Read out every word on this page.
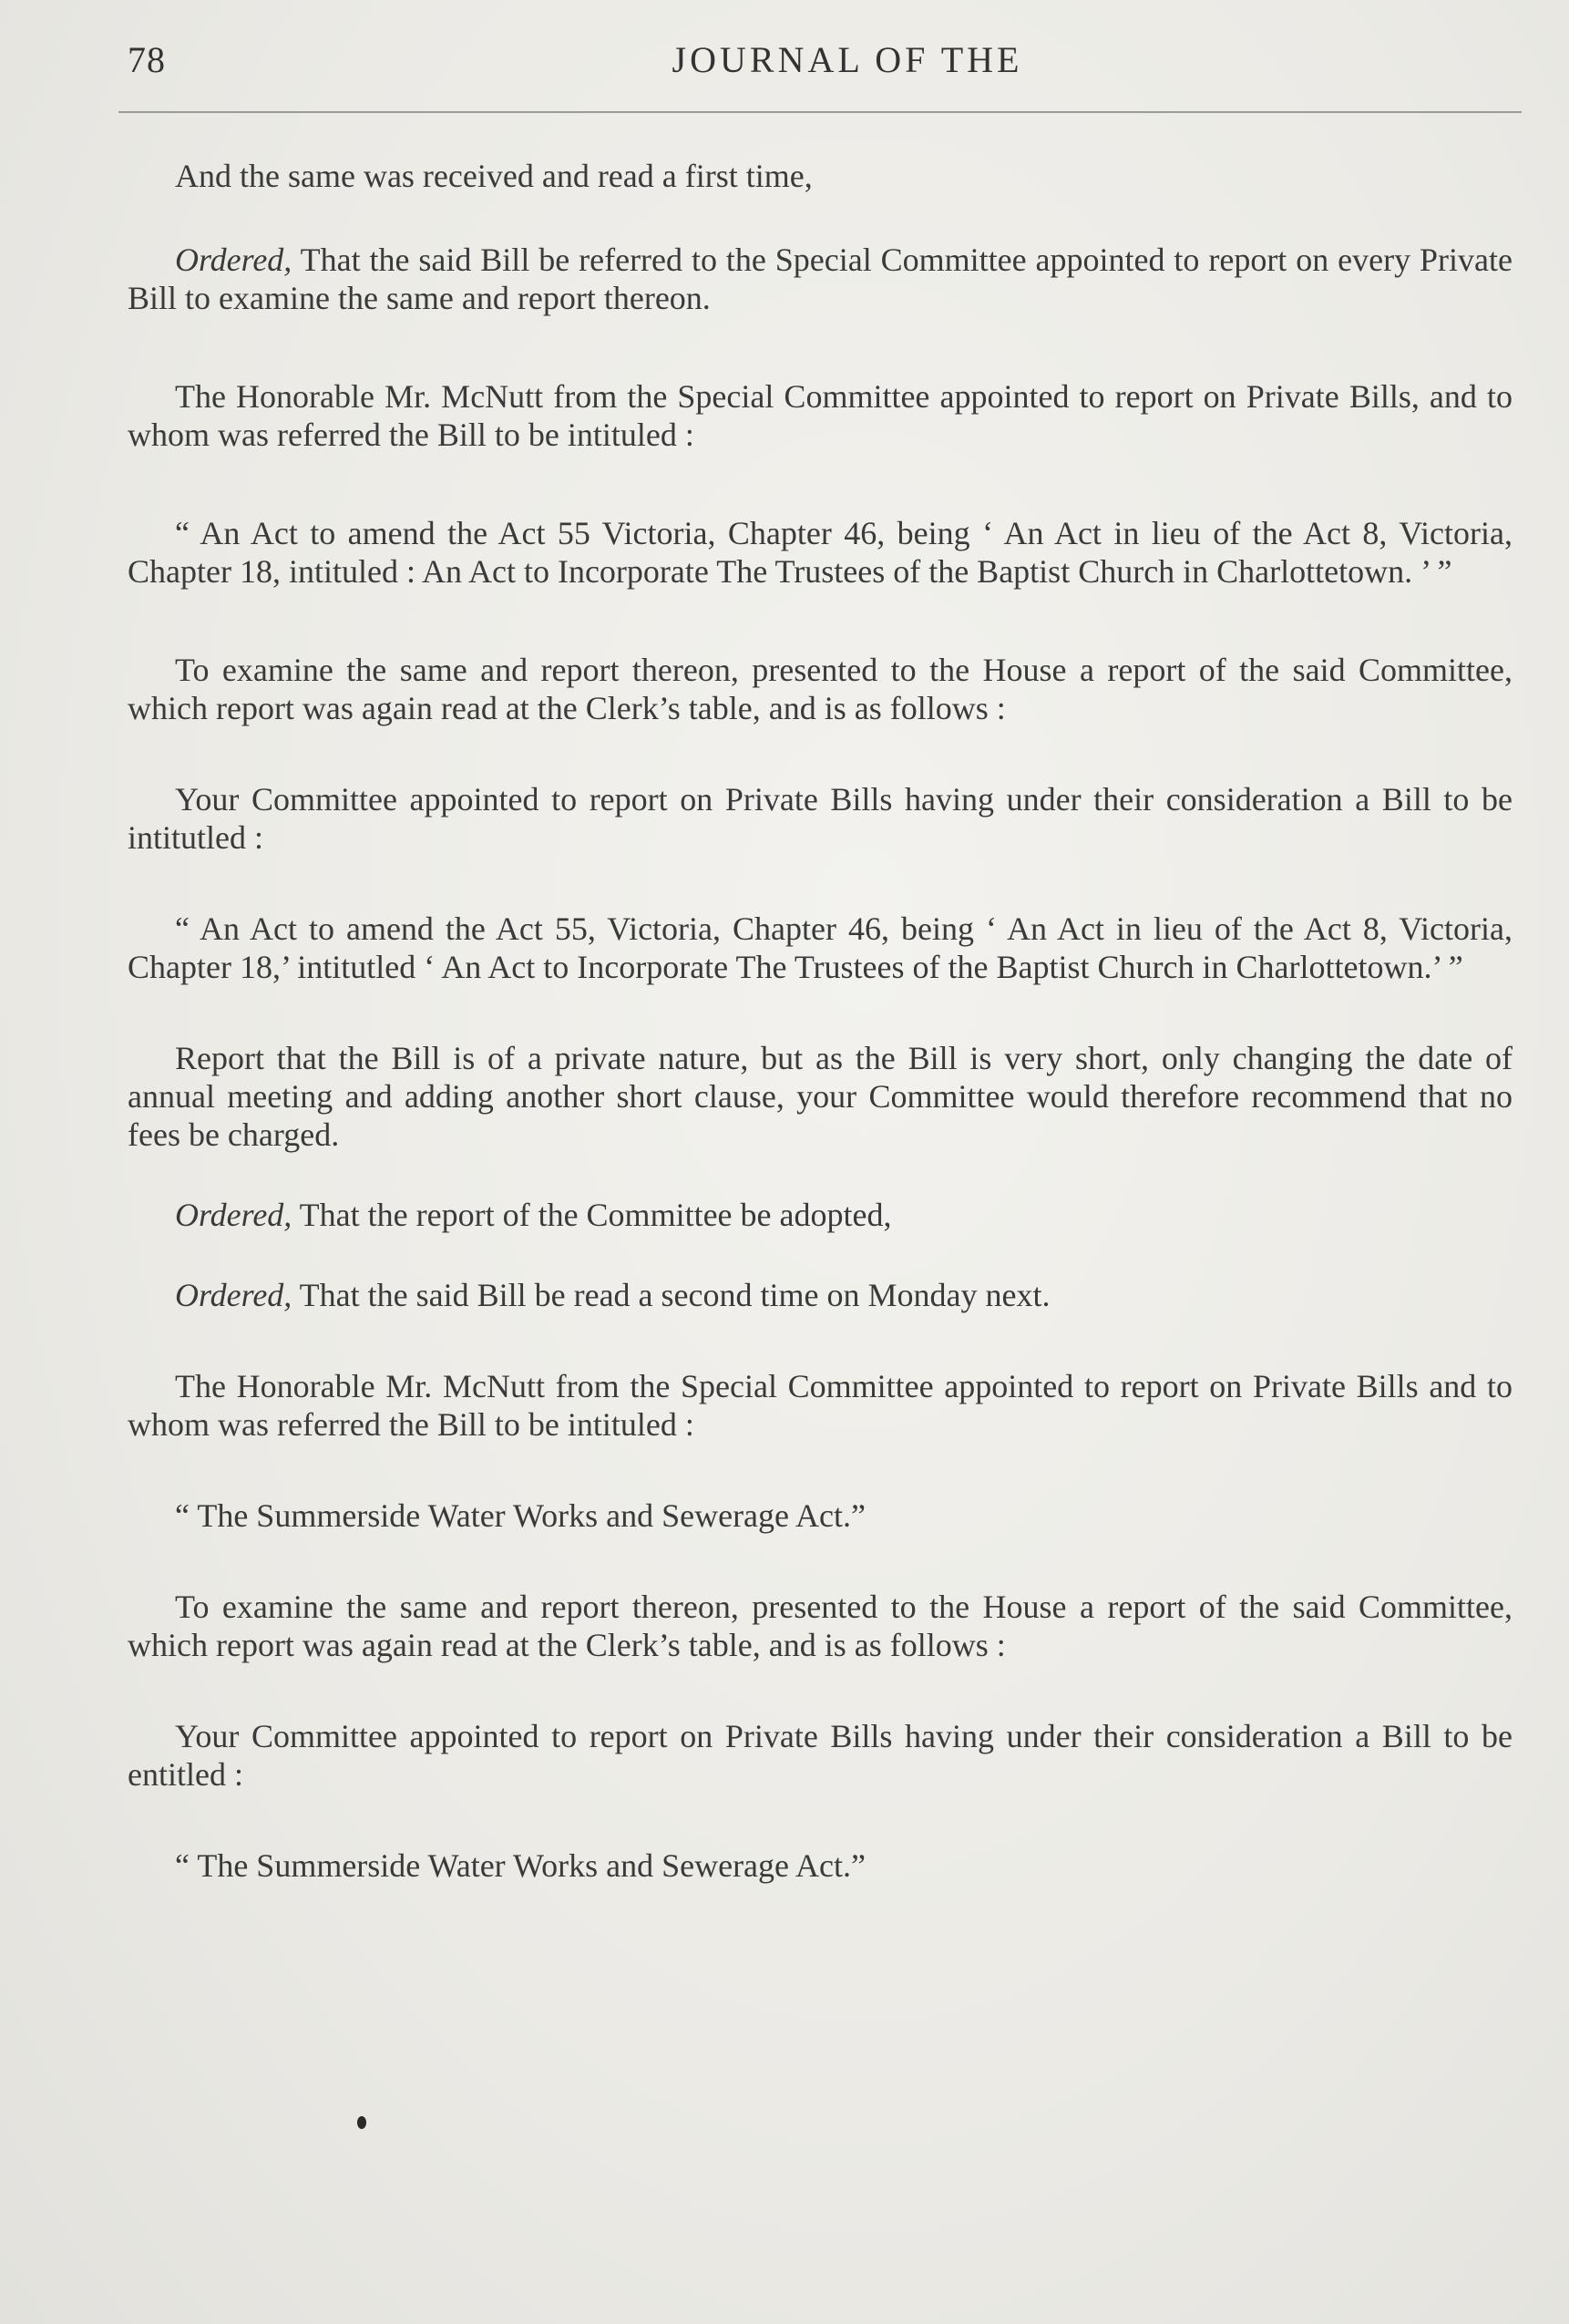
78	JOURNAL OF THE

And the same was received and read a first time,

Ordered, That the said Bill be referred to the Special Committee appointed to report on every Private Bill to examine the same and report thereon.

The Honorable Mr. McNutt from the Special Committee appointed to report on Private Bills, and to whom was referred the Bill to be intituled :

“ An Act to amend the Act 55 Victoria, Chapter 46, being ‘ An Act in lieu of the Act 8, Victoria, Chapter 18, intituled : An Act to Incorporate The Trustees of the Baptist Church in Charlottetown. ’ ”

To examine the same and report thereon, presented to the House a report of the said Committee, which report was again read at the Clerk’s table, and is as follows :

Your Committee appointed to report on Private Bills having under their consideration a Bill to be intitutled :

“ An Act to amend the Act 55, Victoria, Chapter 46, being ‘ An Act in lieu of the Act 8, Victoria, Chapter 18,’ intitutled ‘ An Act to Incorporate The Trustees of the Baptist Church in Charlottetown.’ ”

Report that the Bill is of a private nature, but as the Bill is very short, only changing the date of annual meeting and adding another short clause, your Committee would therefore recommend that no fees be charged.

Ordered, That the report of the Committee be adopted,

Ordered, That the said Bill be read a second time on Monday next.

The Honorable Mr. McNutt from the Special Committee appointed to report on Private Bills and to whom was referred the Bill to be intituled :

“ The Summerside Water Works and Sewerage Act.”

To examine the same and report thereon, presented to the House a report of the said Committee, which report was again read at the Clerk’s table, and is as follows :

Your Committee appointed to report on Private Bills having under their consideration a Bill to be entitled :

“ The Summerside Water Works and Sewerage Act.”
